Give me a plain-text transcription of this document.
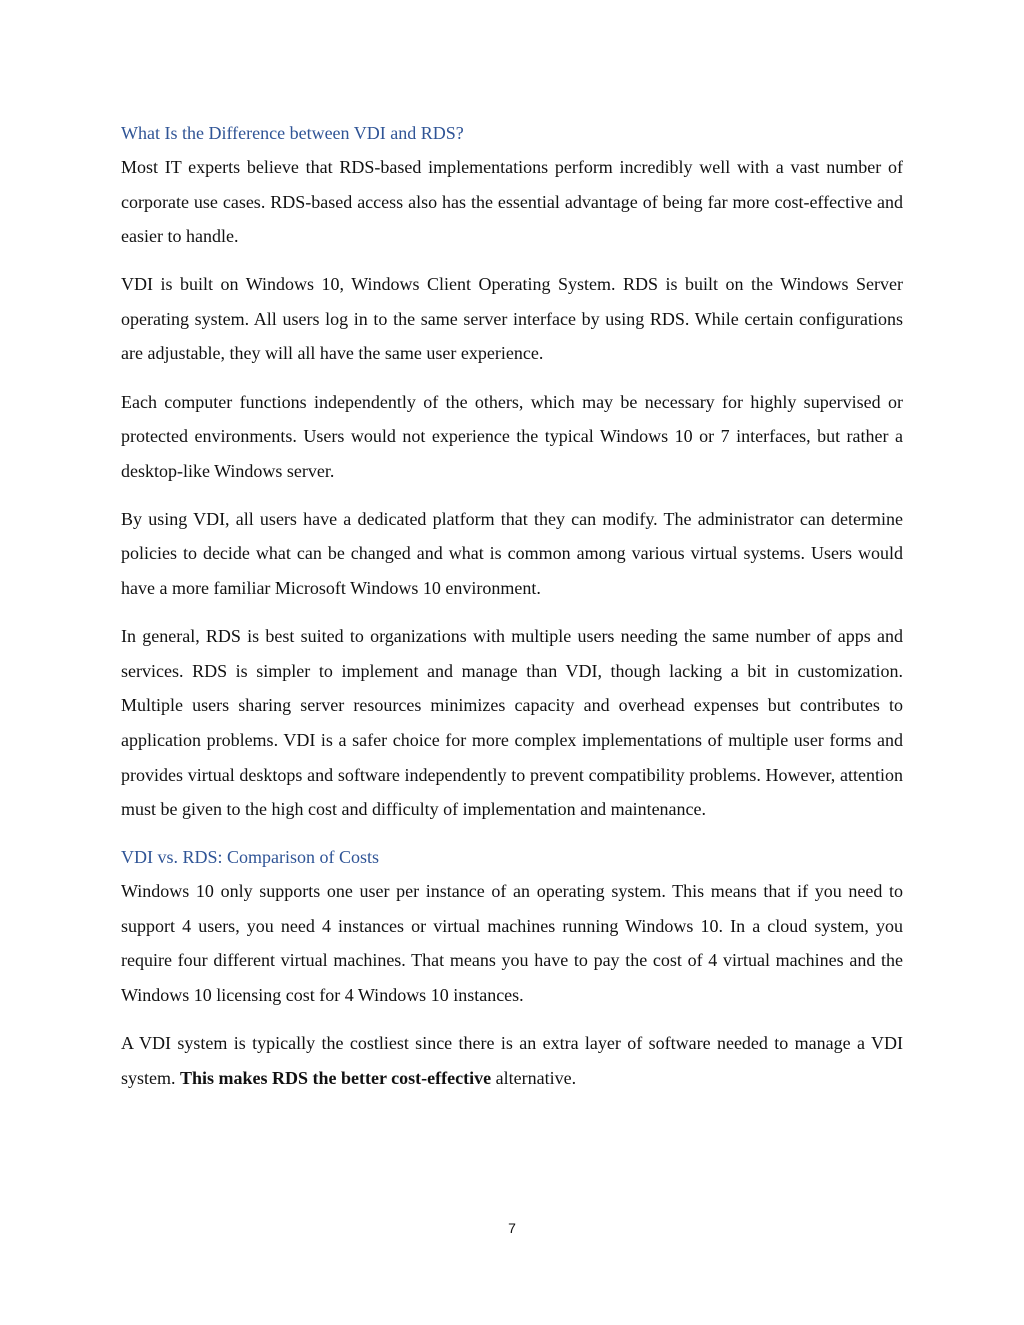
What Is the Difference between VDI and RDS?

Most IT experts believe that RDS-based implementations perform incredibly well with a vast number of corporate use cases. RDS-based access also has the essential advantage of being far more cost-effective and easier to handle.

VDI is built on Windows 10, Windows Client Operating System. RDS is built on the Windows Server operating system. All users log in to the same server interface by using RDS. While certain configurations are adjustable, they will all have the same user experience.

Each computer functions independently of the others, which may be necessary for highly supervised or protected environments. Users would not experience the typical Windows 10 or 7 interfaces, but rather a desktop-like Windows server.

By using VDI, all users have a dedicated platform that they can modify. The administrator can determine policies to decide what can be changed and what is common among various virtual systems. Users would have a more familiar Microsoft Windows 10 environment.

In general, RDS is best suited to organizations with multiple users needing the same number of apps and services. RDS is simpler to implement and manage than VDI, though lacking a bit in customization. Multiple users sharing server resources minimizes capacity and overhead expenses but contributes to application problems. VDI is a safer choice for more complex implementations of multiple user forms and provides virtual desktops and software independently to prevent compatibility problems. However, attention must be given to the high cost and difficulty of implementation and maintenance.

VDI vs. RDS: Comparison of Costs

Windows 10 only supports one user per instance of an operating system. This means that if you need to support 4 users, you need 4 instances or virtual machines running Windows 10. In a cloud system, you require four different virtual machines. That means you have to pay the cost of 4 virtual machines and the Windows 10 licensing cost for 4 Windows 10 instances.

A VDI system is typically the costliest since there is an extra layer of software needed to manage a VDI system. This makes RDS the better cost-effective alternative.

7
